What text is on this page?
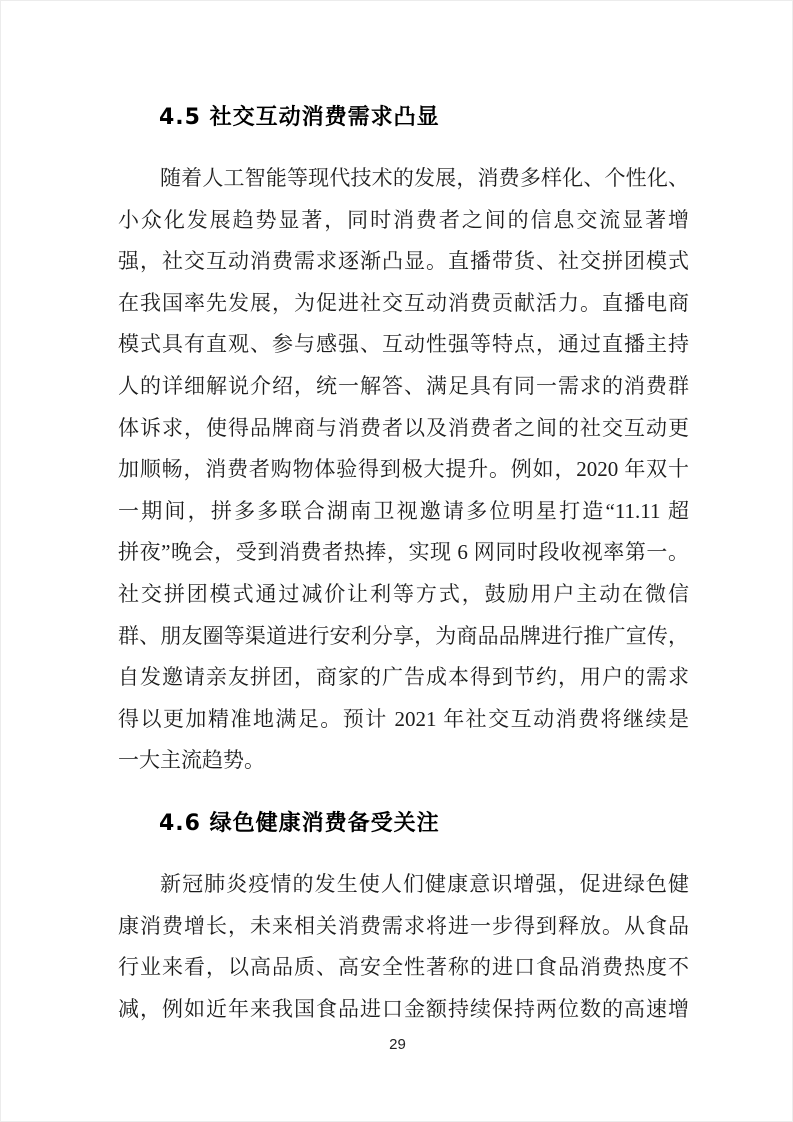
4.5 社交互动消费需求凸显
随着人工智能等现代技术的发展，消费多样化、个性化、
小众化发展趋势显著，同时消费者之间的信息交流显著增
强，社交互动消费需求逐渐凸显。直播带货、社交拼团模式
在我国率先发展，为促进社交互动消费贡献活力。直播电商
模式具有直观、参与感强、互动性强等特点，通过直播主持
人的详细解说介绍，统一解答、满足具有同一需求的消费群
体诉求，使得品牌商与消费者以及消费者之间的社交互动更
加顺畅，消费者购物体验得到极大提升。例如，2020 年双十
一期间，拼多多联合湖南卫视邀请多位明星打造“11.11 超
拼夜”晚会，受到消费者热捧，实现 6 网同时段收视率第一。
社交拼团模式通过减价让利等方式，鼓励用户主动在微信
群、朋友圈等渠道进行安利分享，为商品品牌进行推广宣传，
自发邀请亲友拼团，商家的广告成本得到节约，用户的需求
得以更加精准地满足。预计 2021 年社交互动消费将继续是
一大主流趋势。
4.6 绿色健康消费备受关注
新冠肺炎疫情的发生使人们健康意识增强，促进绿色健
康消费增长，未来相关消费需求将进一步得到释放。从食品
行业来看，以高品质、高安全性著称的进口食品消费热度不
减，例如近年来我国食品进口金额持续保持两位数的高速增
29
